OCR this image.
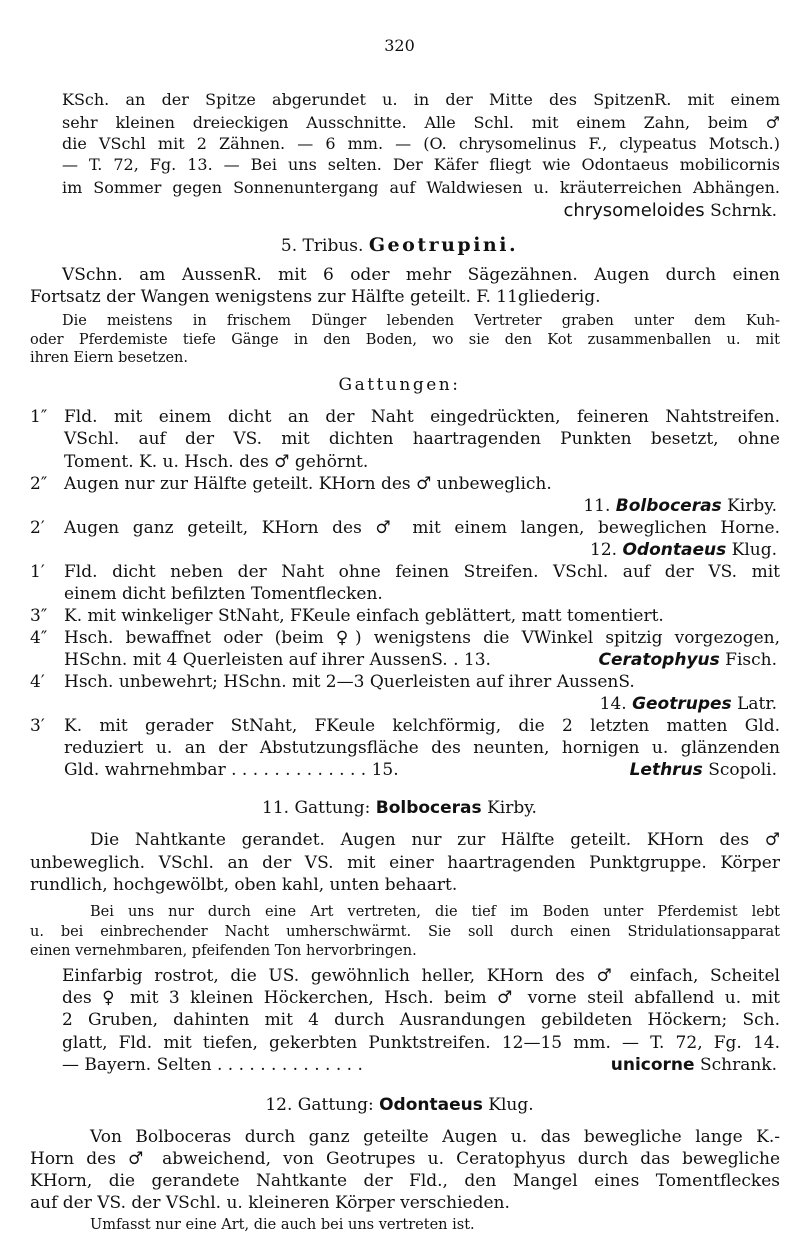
320
KSch. an der Spitze abgerundet u. in der Mitte des SpitzenR. mit einem
sehr kleinen dreieckigen Ausschnitte. Alle Schl. mit einem Zahn, beim ♂
die VSchl mit 2 Zähnen. — 6 mm. — (O. chrysomelinus F., clypeatus Motsch.)
— T. 72, Fg. 13. — Bei uns selten. Der Käfer fliegt wie Odontaeus mobilicornis
im Sommer gegen Sonnenuntergang auf Waldwiesen u. kräuterreichen Abhängen.
chrysomeloides Schrnk.
5. Tribus. Geotrupini.
VSchn. am AussenR. mit 6 oder mehr Sägezähnen. Augen durch einen
Fortsatz der Wangen wenigstens zur Hälfte geteilt. F. 11gliederig.
Die meistens in frischem Dünger lebenden Vertreter graben unter dem Kuh-
oder Pferdemiste tiefe Gänge in den Boden, wo sie den Kot zusammenballen u. mit
ihren Eiern besetzen.
Gattungen:
1″ Fld. mit einem dicht an der Naht eingedrückten, feineren Nahtstreifen.
VSchl. auf der VS. mit dichten haartragenden Punkten besetzt, ohne
Toment. K. u. Hsch. des ♂ gehörnt.
2″ Augen nur zur Hälfte geteilt. KHorn des ♂ unbeweglich.
11. Bolboceras Kirby.
2′ Augen ganz geteilt, KHorn des ♂ mit einem langen, beweglichen Horne.
12. Odontaeus Klug.
1′ Fld. dicht neben der Naht ohne feinen Streifen. VSchl. auf der VS. mit
einem dicht befilzten Tomentflecken.
3″ K. mit winkeliger StNaht, FKeule einfach geblättert, matt tomentiert.
4″ Hsch. bewaffnet oder (beim ♀) wenigstens die VWinkel spitzig vorgezogen,
HSchn. mit 4 Querleisten auf ihrer AussenS. . 13.	Ceratophyus Fisch.
4′ Hsch. unbewehrt; HSchn. mit 2—3 Querleisten auf ihrer AussenS.
14. Geotrupes Latr.
3′ K. mit gerader StNaht, FKeule kelchförmig, die 2 letzten matten Gld.
reduziert u. an der Abstutzungsfläche des neunten, hornigen u. glänzenden
Gld. wahrnehmbar . . . . . . . . . . . . . 15.	Lethrus Scopoli.
11. Gattung: Bolboceras Kirby.
Die Nahtkante gerandet. Augen nur zur Hälfte geteilt. KHorn des ♂
unbeweglich. VSchl. an der VS. mit einer haartragenden Punktgruppe. Körper
rundlich, hochgewölbt, oben kahl, unten behaart.
Bei uns nur durch eine Art vertreten, die tief im Boden unter Pferdemist lebt
u. bei einbrechender Nacht umherschwärmt. Sie soll durch einen Stridulationsapparat
einen vernehmbaren, pfeifenden Ton hervorbringen.
Einfarbig rostrot, die US. gewöhnlich heller, KHorn des ♂ einfach, Scheitel
des ♀ mit 3 kleinen Höckerchen, Hsch. beim ♂ vorne steil abfallend u. mit
2 Gruben, dahinten mit 4 durch Ausrandungen gebildeten Höckern; Sch.
glatt, Fld. mit tiefen, gekerbten Punktstreifen. 12—15 mm. — T. 72, Fg. 14.
— Bayern. Selten . . . . . . . . . . . . . .	unicorne Schrank.
12. Gattung: Odontaeus Klug.
Von Bolboceras durch ganz geteilte Augen u. das bewegliche lange K.-
Horn des ♂ abweichend, von Geotrupes u. Ceratophyus durch das bewegliche
KHorn, die gerandete Nahtkante der Fld., den Mangel eines Tomentfleckes
auf der VS. der VSchl. u. kleineren Körper verschieden.
Umfasst nur eine Art, die auch bei uns vertreten ist.
